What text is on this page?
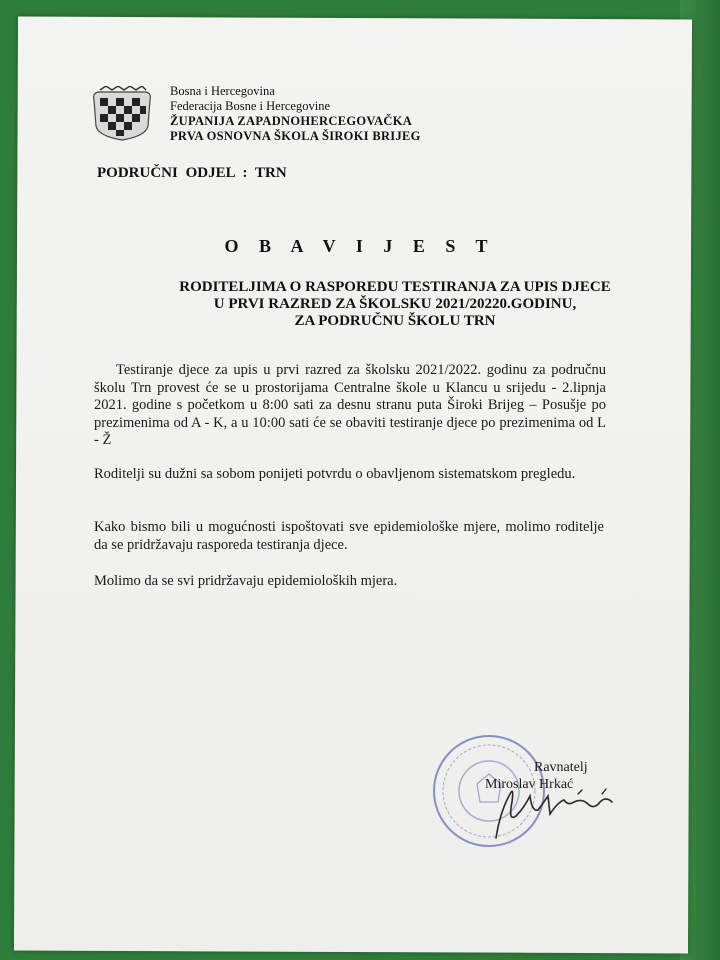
Bosna i Hercegovina
Federacija Bosne i Hercegovine
ŽUPANIJA ZAPADNOHERCEGOVAČKA
PRVA OSNOVNA ŠKOLA ŠIROKI BRIJEG
PODRUČNI ODJEL : TRN
O B A V I J E S T
RODITELJIMA O RASPOREDU TESTIRANJA ZA UPIS DJECE
U PRVI RAZRED ZA ŠKOLSKU 2021/20220.GODINU,
ZA PODRUČNU ŠKOLU TRN
Testiranje djece za upis u prvi razred za školsku 2021/2022. godinu za područnu školu Trn provest će se u prostorijama Centralne škole u Klancu u srijedu - 2.lipnja 2021. godine s početkom u 8:00 sati za desnu stranu puta Široki Brijeg – Posušje po prezimenima od A - K, a u 10:00 sati će se obaviti testiranje djece po prezimenima od L - Ž
Roditelji su dužni sa sobom ponijeti potvrdu o obavljenom sistematskom pregledu.
Kako bismo bili u mogućnosti ispoštovati sve epidemiološke mjere, molimo roditelje da se pridržavaju rasporeda testiranja djece.
Molimo da se svi pridržavaju epidemioloških mjera.
Ravnatelj
Miroslav Hrkać
